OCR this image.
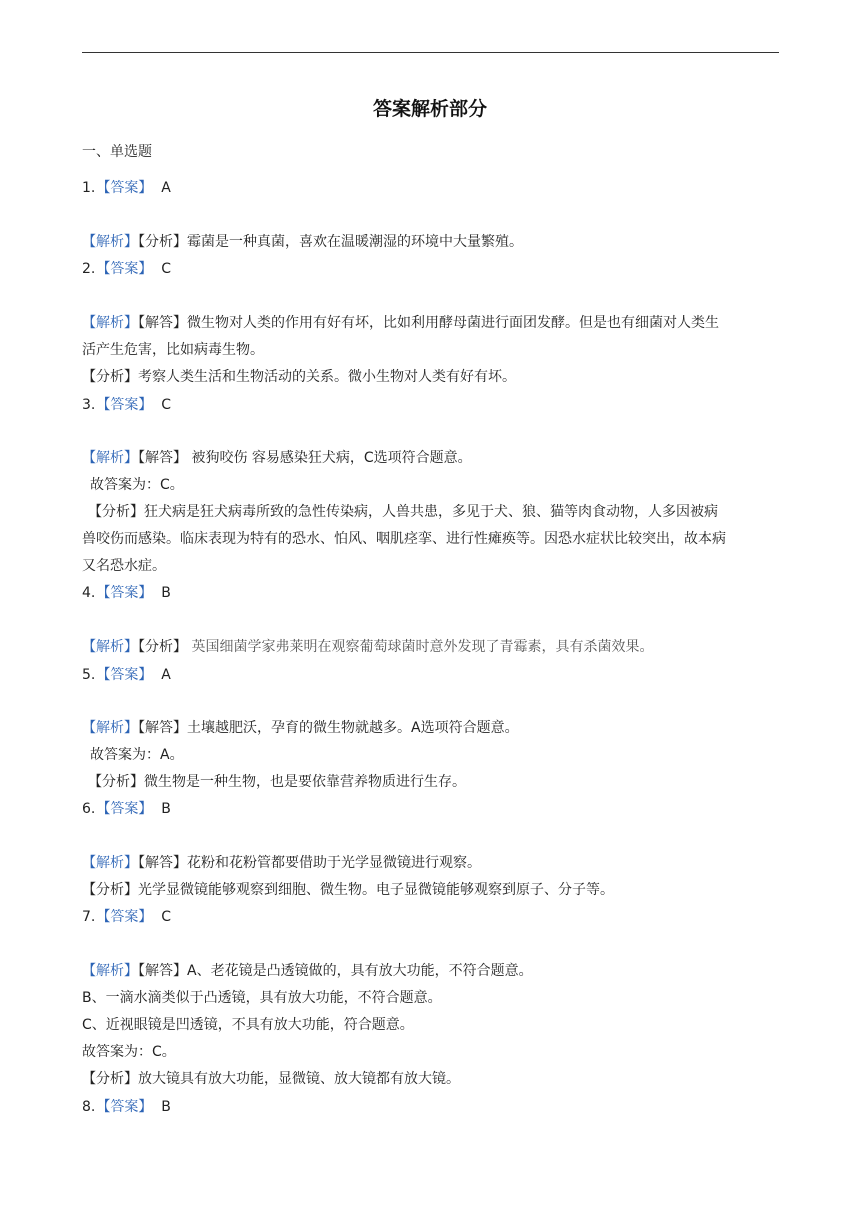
答案解析部分
一、单选题
1.【答案】 A
【解析】【分析】霉菌是一种真菌，喜欢在温暖潮湿的环境中大量繁殖。
2.【答案】 C
【解析】【解答】微生物对人类的作用有好有坏，比如利用酵母菌进行面团发酵。但是也有细菌对人类生
活产生危害，比如病毒生物。
【分析】考察人类生活和生物活动的关系。微小生物对人类有好有坏。
3.【答案】 C
【解析】【解答】 被狗咬伤 容易感染狂犬病，C选项符合题意。
故答案为：C。
【分析】狂犬病是狂犬病毒所致的急性传染病，人兽共患，多见于犬、狼、猫等肉食动物，人多因被病
兽咬伤而感染。临床表现为特有的恐水、怕风、咽肌痉挛、进行性瘫痪等。因恐水症状比较突出，故本病
又名恐水症。
4.【答案】 B
【解析】【分析】 英国细菌学家弗莱明在观察葡萄球菌时意外发现了青霉素，具有杀菌效果。
5.【答案】 A
【解析】【解答】土壤越肥沃，孕育的微生物就越多。A选项符合题意。
故答案为：A。
【分析】微生物是一种生物，也是要依靠营养物质进行生存。
6.【答案】 B
【解析】【解答】花粉和花粉管都要借助于光学显微镜进行观察。
【分析】光学显微镜能够观察到细胞、微生物。电子显微镜能够观察到原子、分子等。
7.【答案】 C
【解析】【解答】A、老花镜是凸透镜做的，具有放大功能，不符合题意。
B、一滴水滴类似于凸透镜，具有放大功能，不符合题意。
C、近视眼镜是凹透镜，不具有放大功能，符合题意。
故答案为：C。
【分析】放大镜具有放大功能，显微镜、放大镜都有放大镜。
8.【答案】 B
